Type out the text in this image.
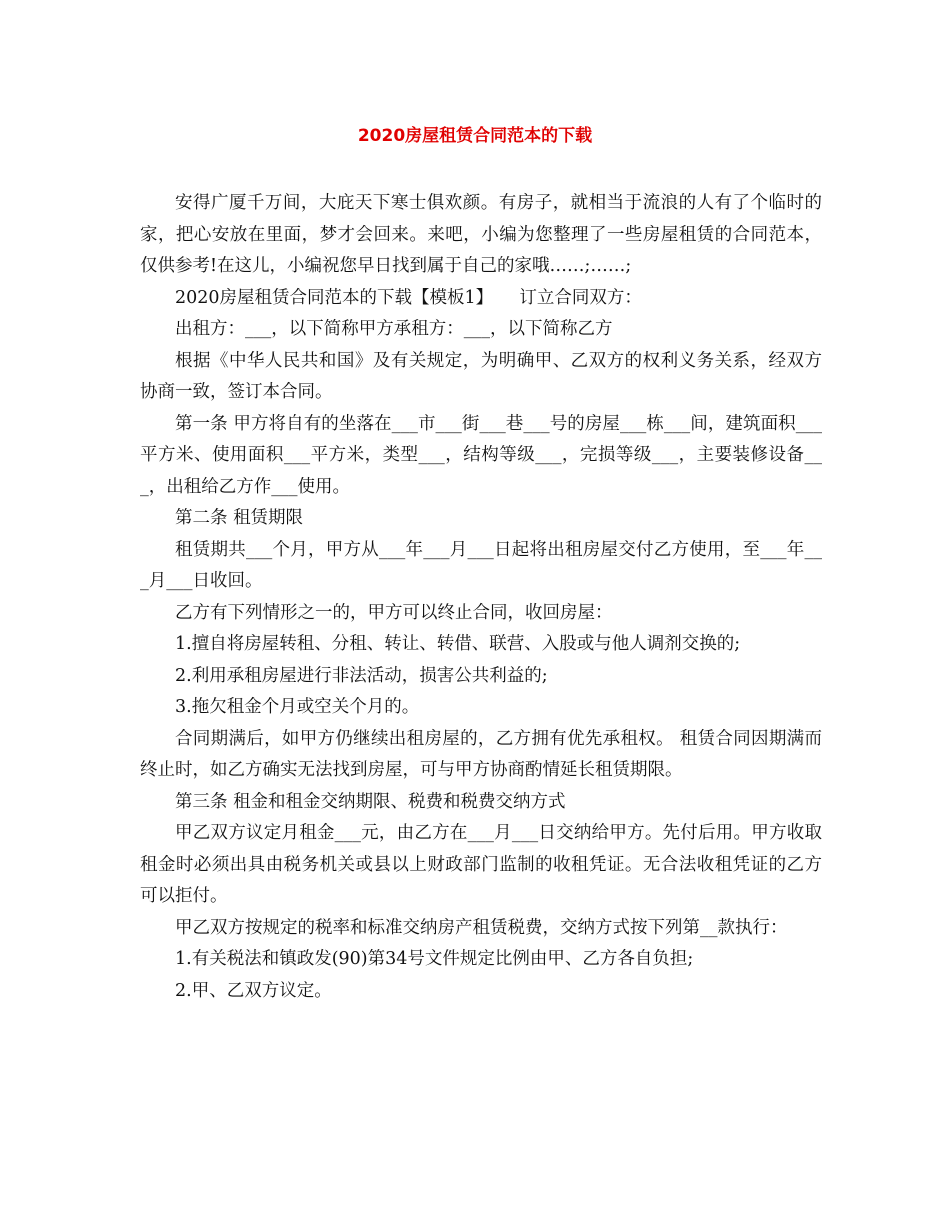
2020房屋租赁合同范本的下载

安得广厦千万间，大庇天下寒士俱欢颜。有房子，就相当于流浪的人有了个临时的家，把心安放在里面，梦才会回来。来吧，小编为您整理了一些房屋租赁的合同范本，仅供参考!在这儿，小编祝您早日找到属于自己的家哦……;……;

2020房屋租赁合同范本的下载【模板1】　　订立合同双方：

出租方：___，以下简称甲方承租方：___，以下简称乙方

根据《中华人民共和国》及有关规定，为明确甲、乙双方的权利义务关系，经双方协商一致，签订本合同。

第一条 甲方将自有的坐落在___市___街___巷___号的房屋___栋___间，建筑面积___平方米、使用面积___平方米，类型___，结构等级___，完损等级___，主要装修设备___，出租给乙方作___使用。

第二条 租赁期限

租赁期共___个月，甲方从___年___月___日起将出租房屋交付乙方使用，至___年___月___日收回。

乙方有下列情形之一的，甲方可以终止合同，收回房屋：

1.擅自将房屋转租、分租、转让、转借、联营、入股或与他人调剂交换的;

2.利用承租房屋进行非法活动，损害公共利益的;

3.拖欠租金个月或空关个月的。

合同期满后，如甲方仍继续出租房屋的，乙方拥有优先承租权。 租赁合同因期满而终止时，如乙方确实无法找到房屋，可与甲方协商酌情延长租赁期限。

第三条 租金和租金交纳期限、税费和税费交纳方式

甲乙双方议定月租金___元，由乙方在___月___日交纳给甲方。先付后用。甲方收取租金时必须出具由税务机关或县以上财政部门监制的收租凭证。无合法收租凭证的乙方可以拒付。

甲乙双方按规定的税率和标准交纳房产租赁税费，交纳方式按下列第__款执行：

1.有关税法和镇政发(90)第34号文件规定比例由甲、乙方各自负担;

2.甲、乙双方议定。
